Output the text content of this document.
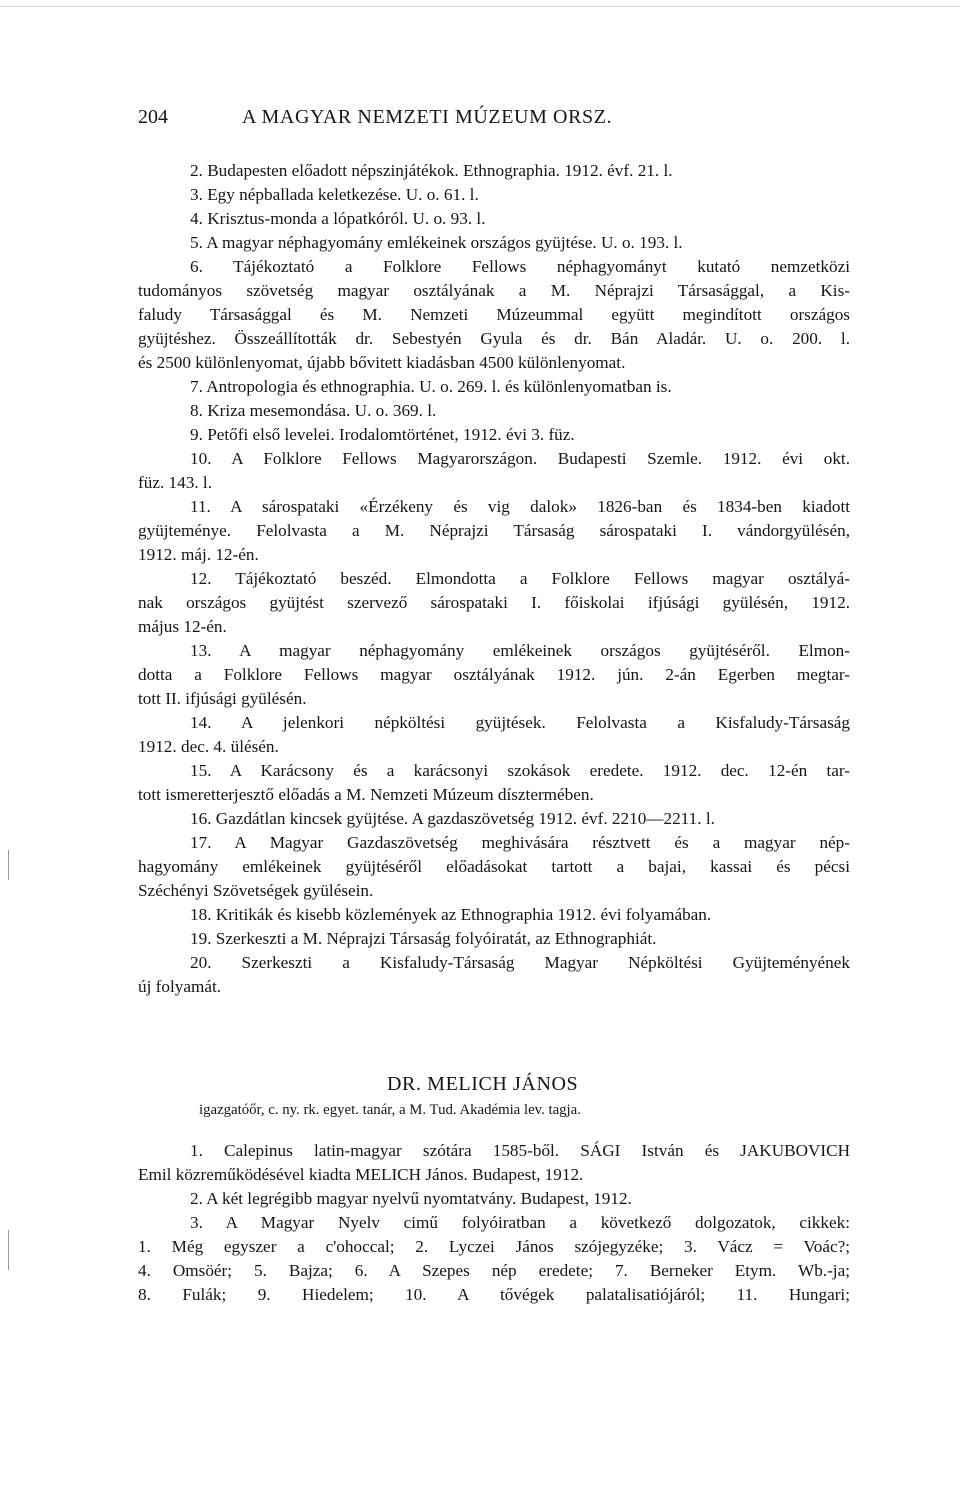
204	A MAGYAR NEMZETI MÚZEUM ORSZ.
2. Budapesten előadott népszinjátékok. Ethnographia. 1912. évf. 21. l.
3. Egy népballada keletkezése. U. o. 61. l.
4. Krisztus-monda a lópatkóról. U. o. 93. l.
5. A magyar néphagyomány emlékeinek országos gyüjtése. U. o. 193. l.
6. Tájékoztató a Folklore Fellows néphagyományt kutató nemzetközi
tudományos szövetség magyar osztályának a M. Néprajzi Társasággal, a Kis-
faludy Társasággal és M. Nemzeti Múzeummal együtt megindított országos
gyüjtéshez. Összeállították dr. Sebestyén Gyula és dr. Bán Aladár. U. o. 200. l.
és 2500 különlenyomat, újabb bővitett kiadásban 4500 különlenyomat.
7. Antropologia és ethnographia. U. o. 269. l. és különlenyomatban is.
8. Kriza mesemondása. U. o. 369. l.
9. Petőfi első levelei. Irodalomtörténet, 1912. évi 3. füz.
10. A Folklore Fellows Magyarországon. Budapesti Szemle. 1912. évi okt.
füz. 143. l.
11. A sárospataki «Érzékeny és vig dalok» 1826-ban és 1834-ben kiadott
gyüjteménye. Felolvasta a M. Néprajzi Társaság sárospataki I. vándorgyülésén,
1912. máj. 12-én.
12. Tájékoztató beszéd. Elmondotta a Folklore Fellows magyar osztályá-
nak országos gyüjtést szervező sárospataki I. főiskolai ifjúsági gyülésén, 1912.
május 12-én.
13. A magyar néphagyomány emlékeinek országos gyüjtéséről. Elmon-
dotta a Folklore Fellows magyar osztályának 1912. jún. 2-án Egerben megtar-
tott II. ifjúsági gyülésén.
14. A jelenkori népköltési gyüjtések. Felolvasta a Kisfaludy-Társaság
1912. dec. 4. ülésén.
15. A Karácsony és a karácsonyi szokások eredete. 1912. dec. 12-én tar-
tott ismeretterjesztő előadás a M. Nemzeti Múzeum dísztermében.
16. Gazdátlan kincsek gyüjtése. A gazdaszövetség 1912. évf. 2210—2211. l.
17. A Magyar Gazdaszövetség meghivására résztvett és a magyar nép-
hagyomány emlékeinek gyüjtéséről előadásokat tartott a bajai, kassai és pécsi
Széchényi Szövetségek gyülésein.
18. Kritikák és kisebb közlemények az Ethnographia 1912. évi folyamában.
19. Szerkeszti a M. Néprajzi Társaság folyóiratát, az Ethnographiát.
20. Szerkeszti a Kisfaludy-Társaság Magyar Népköltési Gyüjteményének
új folyamát.
DR. MELICH JÁNOS
igazgatóőr, c. ny. rk. egyet. tanár, a M. Tud. Akadémia lev. tagja.
1. Calepinus latin-magyar szótára 1585-ből. SÁGI István és JAKUBOVICH
Emil közreműködésével kiadta MELICH János. Budapest, 1912.
2. A két legrégibb magyar nyelvű nyomtatvány. Budapest, 1912.
3. A Magyar Nyelv cimű folyóiratban a következő dolgozatok, cikkek:
1. Még egyszer a c'ohoccal; 2. Lyczei János szójegyzéke; 3. Vácz = Voác?;
4. Omsöér; 5. Bajza; 6. A Szepes nép eredete; 7. Berneker Etym. Wb.-ja;
8. Fulák; 9. Hiedelem; 10. A tővégek palatalisatiójáról; 11. Hungari;
